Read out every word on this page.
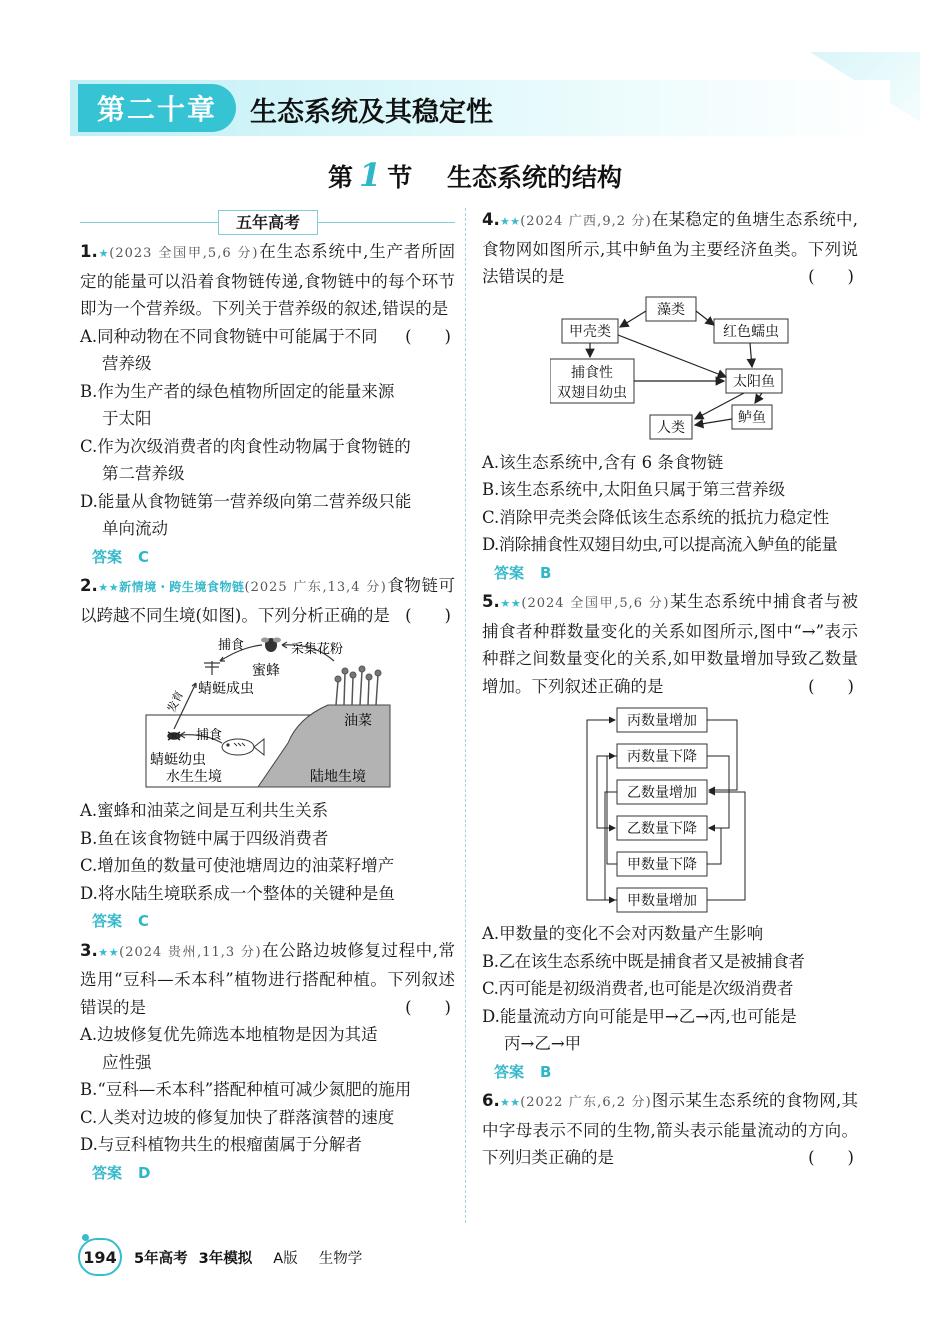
第二十章	生态系统及其稳定性
第 1 节 生态系统的结构
五年高考
1.★(2023 全国甲,5,6 分)在生态系统中,生产者所固定的能量可以沿着食物链传递,食物链中的每个环节即为一个营养级。下列关于营养级的叙述,错误的是
(　　)
A.同种动物在不同食物链中可能属于不同
营养级
B.作为生产者的绿色植物所固定的能量来源
于太阳
C.作为次级消费者的肉食性动物属于食物链的
第二营养级
D.能量从食物链第一营养级向第二营养级只能
单向流动
答案 C
2.★★新情境・跨生境食物链(2025 广东,13,4 分)食物链可以跨越不同生境(如图)。下列分析正确的是 (　　)
捕食
蜜蜂
采集花粉
发育 蜻蜓成虫
油菜
捕食
蜻蜓幼虫
水生生境	陆地生境
A.蜜蜂和油菜之间是互利共生关系
B.鱼在该食物链中属于四级消费者
C.增加鱼的数量可使池塘周边的油菜籽增产
D.将水陆生境联系成一个整体的关键种是鱼
答案 C
3.★★(2024 贵州,11,3 分)在公路边坡修复过程中,常选用“豆科—禾本科”植物进行搭配种植。下列叙述错误的是	(　　)
A.边坡修复优先筛选本地植物是因为其适
应性强
B.“豆科—禾本科”搭配种植可减少氮肥的施用
C.人类对边坡的修复加快了群落演替的速度
D.与豆科植物共生的根瘤菌属于分解者
答案 D
4.★★(2024 广西,9,2 分)在某稳定的鱼塘生态系统中,食物网如图所示,其中鲈鱼为主要经济鱼类。下列说法错误的是	(　　)
藻类
甲壳类	红色蠕虫
捕食性
双翅目幼虫
太阳鱼
人类
鲈鱼
A.该生态系统中,含有 6 条食物链
B.该生态系统中,太阳鱼只属于第三营养级
C.消除甲壳类会降低该生态系统的抵抗力稳定性
D.消除捕食性双翅目幼虫,可以提高流入鲈鱼的能量
答案 B
5.★★(2024 全国甲,5,6 分)某生态系统中捕食者与被捕食者种群数量变化的关系如图所示,图中“→”表示种群之间数量变化的关系,如甲数量增加导致乙数量增加。下列叙述正确的是	(　　)
丙数量增加
丙数量下降
乙数量增加
乙数量下降
甲数量下降
甲数量增加
A.甲数量的变化不会对丙数量产生影响
B.乙在该生态系统中既是捕食者又是被捕食者
C.丙可能是初级消费者,也可能是次级消费者
D.能量流动方向可能是甲→乙→丙,也可能是
丙→乙→甲
答案 B
6.★★(2022 广东,6,2 分)图示某生态系统的食物网,其中字母表示不同的生物,箭头表示能量流动的方向。下列归类正确的是	(　　)
194	5年高考 3年模拟 A版 生物学
